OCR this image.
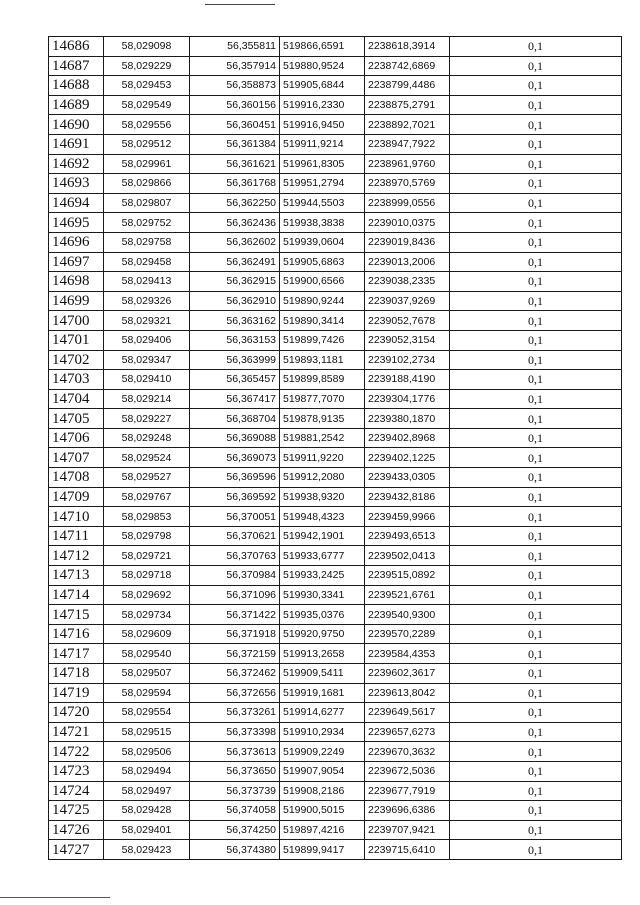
14686	58,029098	56,355811	519866,6591	2238618,3914	0,1
14687	58,029229	56,357914	519880,9524	2238742,6869	0,1
14688	58,029453	56,358873	519905,6844	2238799,4486	0,1
14689	58,029549	56,360156	519916,2330	2238875,2791	0,1
14690	58,029556	56,360451	519916,9450	2238892,7021	0,1
14691	58,029512	56,361384	519911,9214	2238947,7922	0,1
14692	58,029961	56,361621	519961,8305	2238961,9760	0,1
14693	58,029866	56,361768	519951,2794	2238970,5769	0,1
14694	58,029807	56,362250	519944,5503	2238999,0556	0,1
14695	58,029752	56,362436	519938,3838	2239010,0375	0,1
14696	58,029758	56,362602	519939,0604	2239019,8436	0,1
14697	58,029458	56,362491	519905,6863	2239013,2006	0,1
14698	58,029413	56,362915	519900,6566	2239038,2335	0,1
14699	58,029326	56,362910	519890,9244	2239037,9269	0,1
14700	58,029321	56,363162	519890,3414	2239052,7678	0,1
14701	58,029406	56,363153	519899,7426	2239052,3154	0,1
14702	58,029347	56,363999	519893,1181	2239102,2734	0,1
14703	58,029410	56,365457	519899,8589	2239188,4190	0,1
14704	58,029214	56,367417	519877,7070	2239304,1776	0,1
14705	58,029227	56,368704	519878,9135	2239380,1870	0,1
14706	58,029248	56,369088	519881,2542	2239402,8968	0,1
14707	58,029524	56,369073	519911,9220	2239402,1225	0,1
14708	58,029527	56,369596	519912,2080	2239433,0305	0,1
14709	58,029767	56,369592	519938,9320	2239432,8186	0,1
14710	58,029853	56,370051	519948,4323	2239459,9966	0,1
14711	58,029798	56,370621	519942,1901	2239493,6513	0,1
14712	58,029721	56,370763	519933,6777	2239502,0413	0,1
14713	58,029718	56,370984	519933,2425	2239515,0892	0,1
14714	58,029692	56,371096	519930,3341	2239521,6761	0,1
14715	58,029734	56,371422	519935,0376	2239540,9300	0,1
14716	58,029609	56,371918	519920,9750	2239570,2289	0,1
14717	58,029540	56,372159	519913,2658	2239584,4353	0,1
14718	58,029507	56,372462	519909,5411	2239602,3617	0,1
14719	58,029594	56,372656	519919,1681	2239613,8042	0,1
14720	58,029554	56,373261	519914,6277	2239649,5617	0,1
14721	58,029515	56,373398	519910,2934	2239657,6273	0,1
14722	58,029506	56,373613	519909,2249	2239670,3632	0,1
14723	58,029494	56,373650	519907,9054	2239672,5036	0,1
14724	58,029497	56,373739	519908,2186	2239677,7919	0,1
14725	58,029428	56,374058	519900,5015	2239696,6386	0,1
14726	58,029401	56,374250	519897,4216	2239707,9421	0,1
14727	58,029423	56,374380	519899,9417	2239715,6410	0,1
